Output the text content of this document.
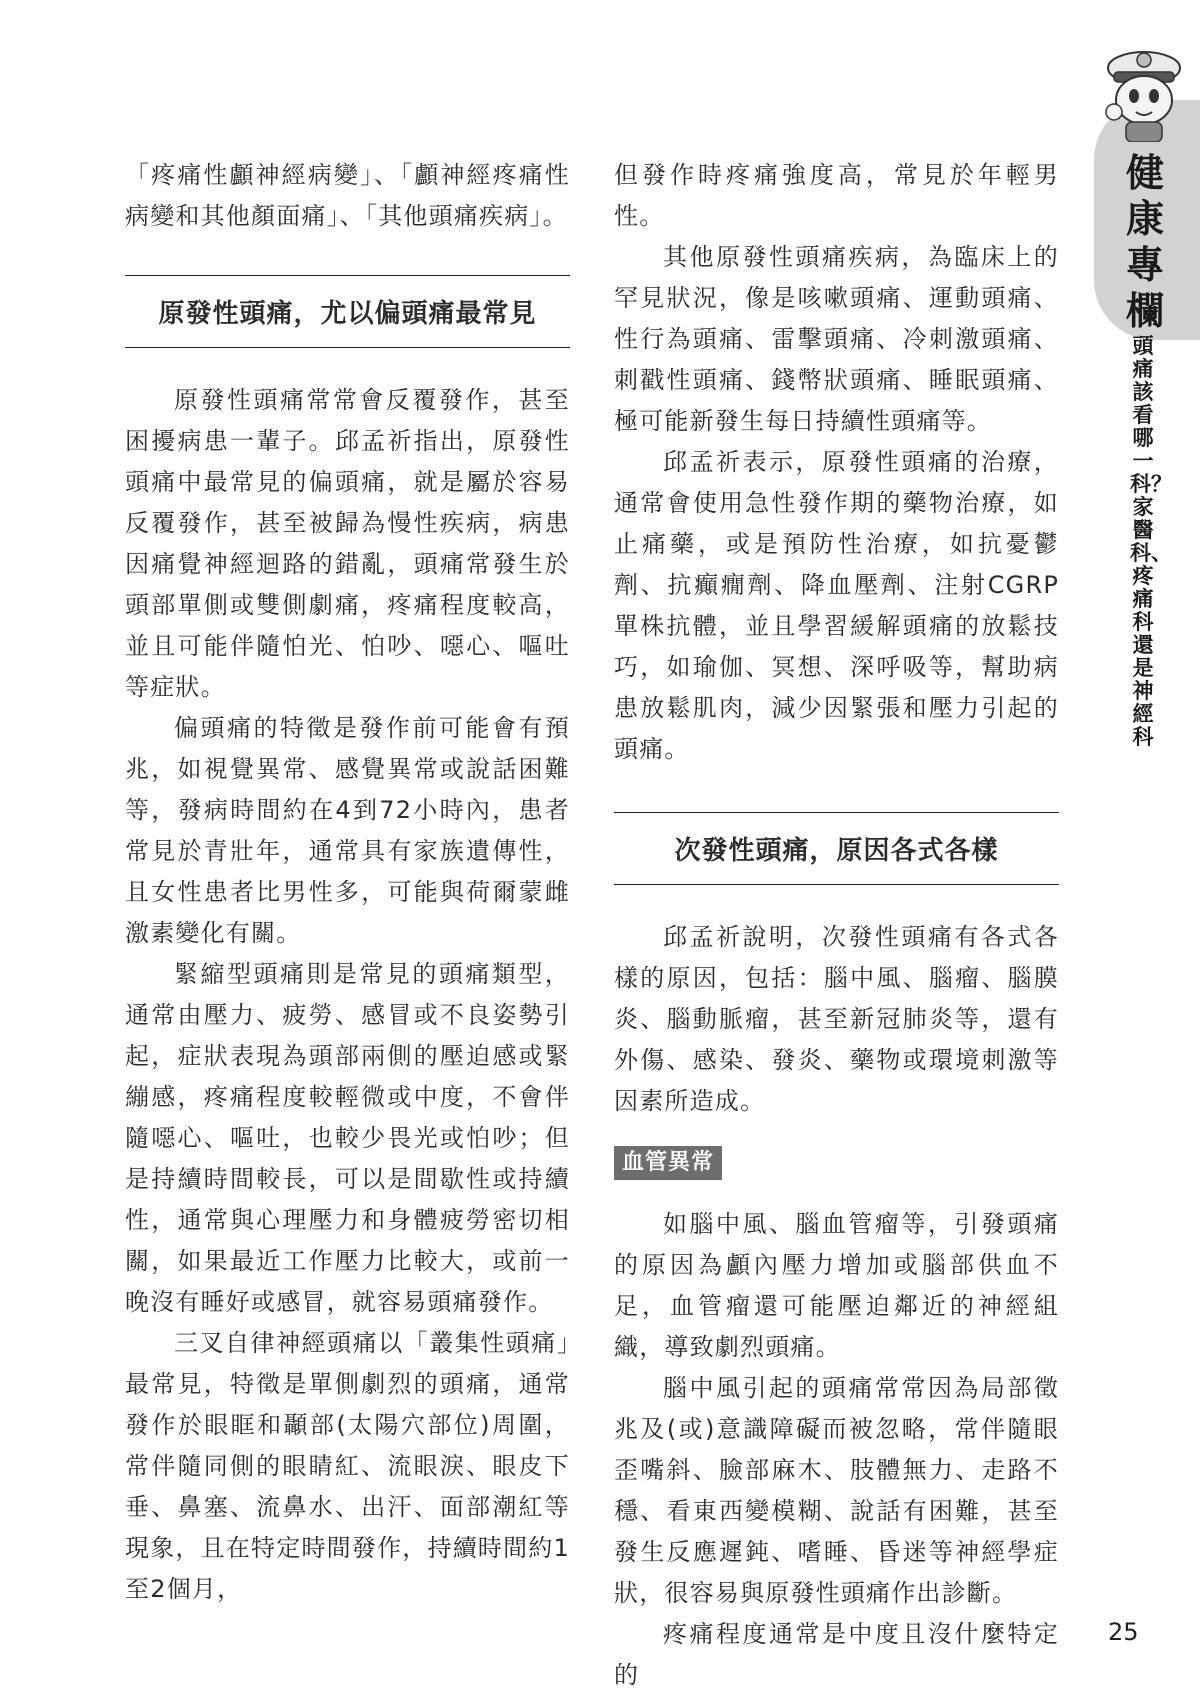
健康專欄
頭痛該看哪一科？家醫科、疼痛科還是神經科

「疼痛性顱神經病變」、「顱神經疼痛性病變和其他顏面痛」、「其他頭痛疾病」。

原發性頭痛，尤以偏頭痛最常見

原發性頭痛常常會反覆發作，甚至困擾病患一輩子。邱孟祈指出，原發性頭痛中最常見的偏頭痛，就是屬於容易反覆發作，甚至被歸為慢性疾病，病患因痛覺神經迴路的錯亂，頭痛常發生於頭部單側或雙側劇痛，疼痛程度較高，並且可能伴隨怕光、怕吵、噁心、嘔吐等症狀。

偏頭痛的特徵是發作前可能會有預兆，如視覺異常、感覺異常或說話困難等，發病時間約在4到72小時內，患者常見於青壯年，通常具有家族遺傳性，且女性患者比男性多，可能與荷爾蒙雌激素變化有關。

緊縮型頭痛則是常見的頭痛類型，通常由壓力、疲勞、感冒或不良姿勢引起，症狀表現為頭部兩側的壓迫感或緊繃感，疼痛程度較輕微或中度，不會伴隨噁心、嘔吐，也較少畏光或怕吵；但是持續時間較長，可以是間歇性或持續性，通常與心理壓力和身體疲勞密切相關，如果最近工作壓力比較大，或前一晚沒有睡好或感冒，就容易頭痛發作。

三叉自律神經頭痛以「叢集性頭痛」最常見，特徵是單側劇烈的頭痛，通常發作於眼眶和顳部(太陽穴部位)周圍，常伴隨同側的眼睛紅、流眼淚、眼皮下垂、鼻塞、流鼻水、出汗、面部潮紅等現象，且在特定時間發作，持續時間約1至2個月，

但發作時疼痛強度高，常見於年輕男性。

其他原發性頭痛疾病，為臨床上的罕見狀況，像是咳嗽頭痛、運動頭痛、性行為頭痛、雷擊頭痛、冷刺激頭痛、刺戳性頭痛、錢幣狀頭痛、睡眠頭痛、極可能新發生每日持續性頭痛等。

邱孟祈表示，原發性頭痛的治療，通常會使用急性發作期的藥物治療，如止痛藥，或是預防性治療，如抗憂鬱劑、抗癲癇劑、降血壓劑、注射CGRP單株抗體，並且學習緩解頭痛的放鬆技巧，如瑜伽、冥想、深呼吸等，幫助病患放鬆肌肉，減少因緊張和壓力引起的頭痛。

次發性頭痛，原因各式各樣

邱孟祈說明，次發性頭痛有各式各樣的原因，包括：腦中風、腦瘤、腦膜炎、腦動脈瘤，甚至新冠肺炎等，還有外傷、感染、發炎、藥物或環境刺激等因素所造成。

血管異常

如腦中風、腦血管瘤等，引發頭痛的原因為顱內壓力增加或腦部供血不足，血管瘤還可能壓迫鄰近的神經組織，導致劇烈頭痛。

腦中風引起的頭痛常常因為局部徵兆及(或)意識障礙而被忽略，常伴隨眼歪嘴斜、臉部麻木、肢體無力、走路不穩、看東西變模糊、說話有困難，甚至發生反應遲鈍、嗜睡、昏迷等神經學症狀，很容易與原發性頭痛作出診斷。

疼痛程度通常是中度且沒什麼特定的

25
